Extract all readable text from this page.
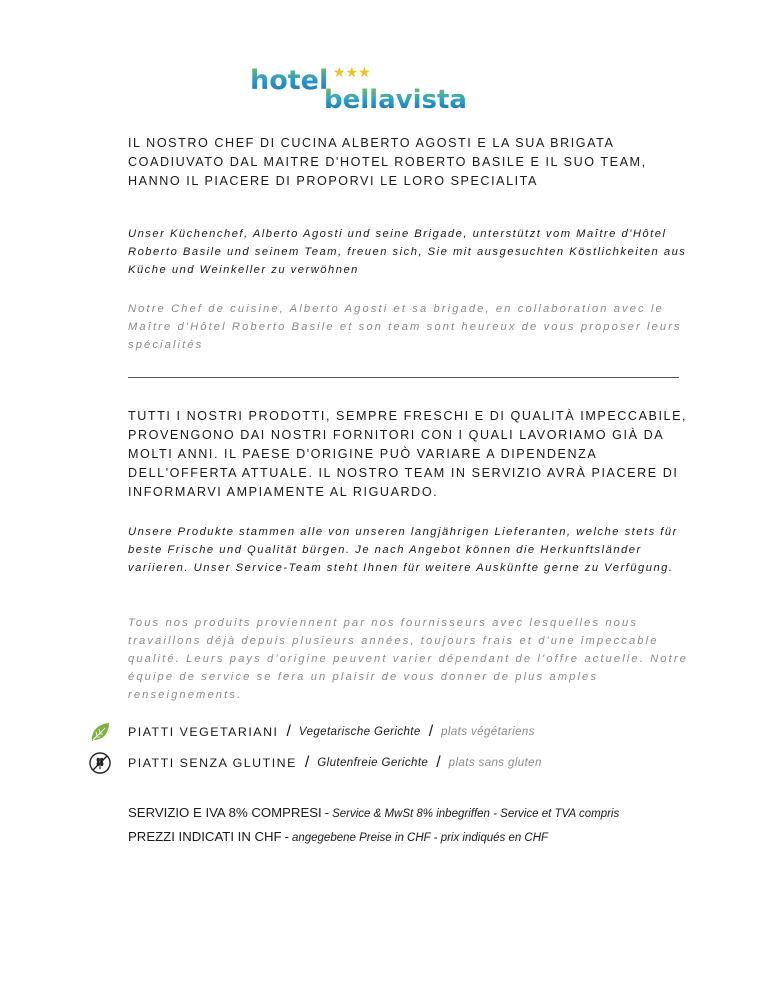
hotel ★★★
bellavista
IL NOSTRO CHEF DI CUCINA ALBERTO AGOSTI E LA SUA BRIGATA COADIUVATO DAL MAITRE D'HOTEL ROBERTO BASILE E IL SUO TEAM, HANNO IL PIACERE DI PROPORVI LE LORO SPECIALITA
Unser Küchenchef, Alberto Agosti und seine Brigade, unterstützt vom Maître d'Hôtel Roberto Basile und seinem Team, freuen sich, Sie mit ausgesuchten Köstlichkeiten aus Küche und Weinkeller zu verwöhnen
Notre Chef de cuisine, Alberto Agosti et sa brigade, en collaboration avec le Maître d'Hôtel Roberto Basile et son team sont heureux de vous proposer leurs spécialités
TUTTI I NOSTRI PRODOTTI, SEMPRE FRESCHI E DI QUALITÀ IMPECCABILE, PROVENGONO DAI NOSTRI FORNITORI CON I QUALI LAVORIAMO GIÀ DA MOLTI ANNI. IL PAESE D'ORIGINE PUÒ VARIARE A DIPENDENZA DELL'OFFERTA ATTUALE. IL NOSTRO TEAM IN SERVIZIO AVRÀ PIACERE DI INFORMARVI AMPIAMENTE AL RIGUARDO.
Unsere Produkte stammen alle von unseren langjährigen Lieferanten, welche stets für beste Frische und Qualität bürgen. Je nach Angebot können die Herkunftsländer variieren. Unser Service-Team steht Ihnen für weitere Auskünfte gerne zu Verfügung.
Tous nos produits proviennent par nos fournisseurs avec lesquelles nous travaillons déjà depuis plusieurs années, toujours frais et d'une impeccable qualité. Leurs pays d'origine peuvent varier dépendant de l'offre actuelle. Notre équipe de service se fera un plaisir de vous donner de plus amples renseignements.
PIATTI VEGETARIANI / Vegetarische Gerichte / plats végétariens
PIATTI SENZA GLUTINE / Glutenfreie Gerichte / plats sans gluten
SERVIZIO E IVA 8% COMPRESI - Service & MwSt 8% inbegriffen - Service et TVA compris
PREZZI INDICATI IN CHF - angegebene Preise in CHF - prix indiqués en CHF
